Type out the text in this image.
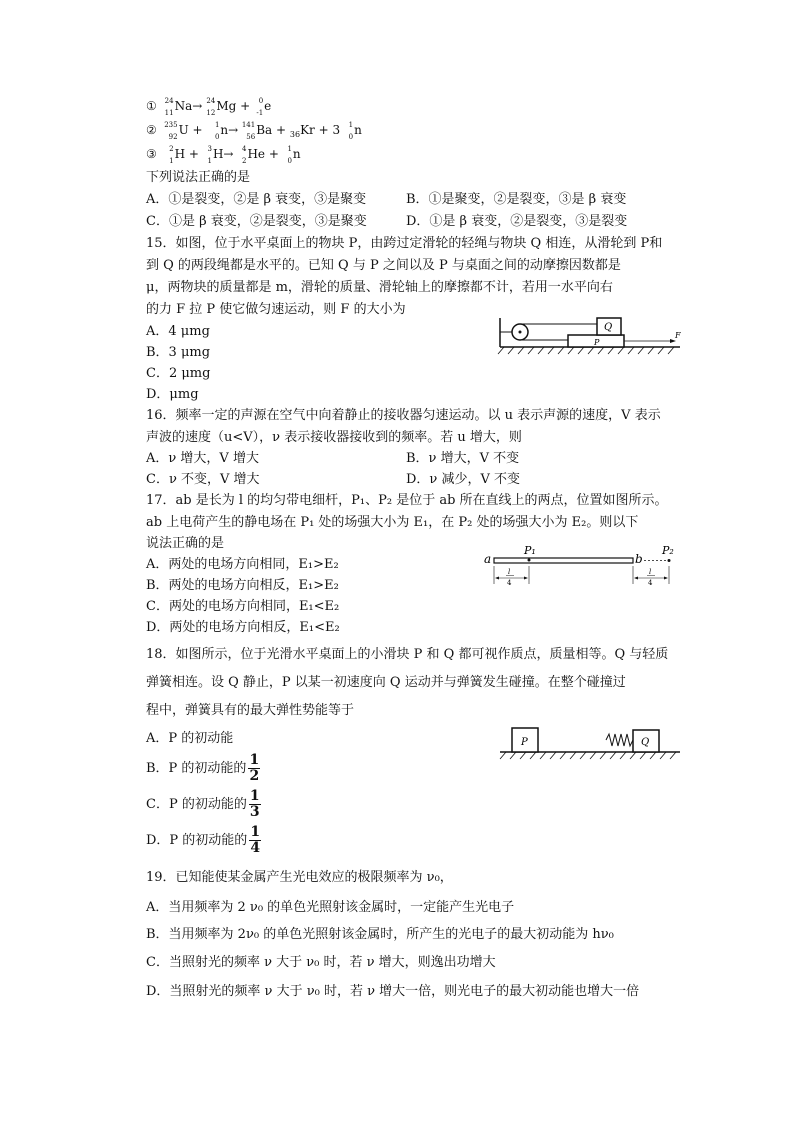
① 24
11 Na→ 24
12 Mg + 0
-1 e
② 235
92 U + 1
0 n→ 141
56 Ba + $_{36}$Kr + 3 1
0 n
③ 2
1 H + 3
1 H→ 4
2 He + 1
0 n
下列说法正确的是
A．①是裂变，②是 β 衰变，③是聚变	B．①是聚变，②是裂变，③是 β 衰变
C．①是 β 衰变，②是裂变，③是聚变	D．①是 β 衰变，②是裂变，③是裂变
15．如图，位于水平桌面上的物块 P，由跨过定滑轮的轻绳与物块 Q 相连，从滑轮到 P和
到 Q 的两段绳都是水平的。已知 Q 与 P 之间以及 P 与桌面之间的动摩擦因数都是
μ，两物块的质量都是 m，滑轮的质量、滑轮轴上的摩擦都不计，若用一水平向右
的力 F 拉 P 使它做匀速运动，则 F 的大小为
A．4 μmg
B．3 μmg
C．2 μmg
D．μmg
P
Q
F
16．频率一定的声源在空气中向着静止的接收器匀速运动。以 u 表示声源的速度，V 表示
声波的速度（u<V），ν 表示接收器接收到的频率。若 u 增大，则
A．ν 增大，V 增大	B．ν 增大，V 不变
C．ν 不变，V 增大	D．ν 减少，V 不变
17．ab 是长为 l 的均匀带电细杆，P₁、P₂ 是位于 ab 所在直线上的两点，位置如图所示。
ab 上电荷产生的静电场在 P₁ 处的场强大小为 E₁，在 P₂ 处的场强大小为 E₂。则以下
说法正确的是
A．两处的电场方向相同，E₁>E₂
B．两处的电场方向相反，E₁>E₂
C．两处的电场方向相同，E₁<E₂
D．两处的电场方向相反，E₁<E₂
a
P₁
b
P₂
l
4
l
4
18．如图所示，位于光滑水平桌面上的小滑块 P 和 Q 都可视作质点，质量相等。Q 与轻质
弹簧相连。设 Q 静止，P 以某一初速度向 Q 运动并与弹簧发生碰撞。在整个碰撞过
程中，弹簧具有的最大弹性势能等于
A．P 的初动能
B．P 的初动能的 $\frac{1}{2}$
C．P 的初动能的 $\frac{1}{3}$
D．P 的初动能的 $\frac{1}{4}$
P	Q
19．已知能使某金属产生光电效应的极限频率为 ν₀，
A．当用频率为 2 ν₀ 的单色光照射该金属时，一定能产生光电子
B．当用频率为 2ν₀ 的单色光照射该金属时，所产生的光电子的最大初动能为 hν₀
C．当照射光的频率 ν 大于 ν₀ 时，若 ν 增大，则逸出功增大
D．当照射光的频率 ν 大于 ν₀ 时，若 ν 增大一倍，则光电子的最大初动能也增大一倍
